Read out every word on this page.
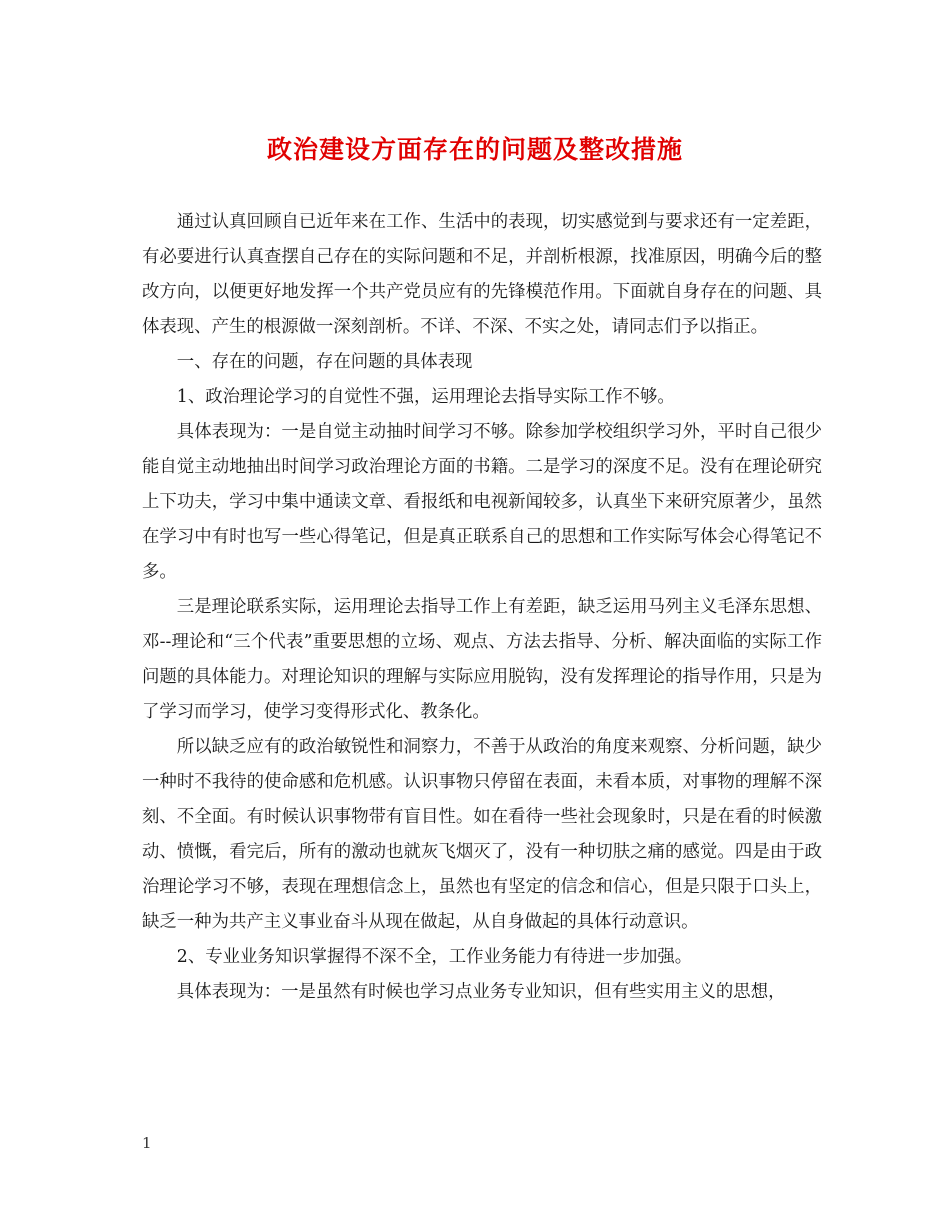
政治建设方面存在的问题及整改措施

通过认真回顾自已近年来在工作、生活中的表现，切实感觉到与要求还有一定差距，有必要进行认真查摆自己存在的实际问题和不足，并剖析根源，找准原因，明确今后的整改方向，以便更好地发挥一个共产党员应有的先锋模范作用。下面就自身存在的问题、具体表现、产生的根源做一深刻剖析。不详、不深、不实之处，请同志们予以指正。

一、存在的问题，存在问题的具体表现

1、政治理论学习的自觉性不强，运用理论去指导实际工作不够。

具体表现为：一是自觉主动抽时间学习不够。除参加学校组织学习外，平时自己很少能自觉主动地抽出时间学习政治理论方面的书籍。二是学习的深度不足。没有在理论研究上下功夫，学习中集中通读文章、看报纸和电视新闻较多，认真坐下来研究原著少，虽然在学习中有时也写一些心得笔记，但是真正联系自己的思想和工作实际写体会心得笔记不多。

三是理论联系实际，运用理论去指导工作上有差距，缺乏运用马列主义毛泽东思想、邓--理论和“三个代表”重要思想的立场、观点、方法去指导、分析、解决面临的实际工作问题的具体能力。对理论知识的理解与实际应用脱钩，没有发挥理论的指导作用，只是为了学习而学习，使学习变得形式化、教条化。

所以缺乏应有的政治敏锐性和洞察力，不善于从政治的角度来观察、分析问题，缺少一种时不我待的使命感和危机感。认识事物只停留在表面，未看本质，对事物的理解不深刻、不全面。有时候认识事物带有盲目性。如在看待一些社会现象时，只是在看的时候激动、愤慨，看完后，所有的激动也就灰飞烟灭了，没有一种切肤之痛的感觉。四是由于政治理论学习不够，表现在理想信念上，虽然也有坚定的信念和信心，但是只限于口头上，缺乏一种为共产主义事业奋斗从现在做起，从自身做起的具体行动意识。

2、专业业务知识掌握得不深不全，工作业务能力有待进一步加强。

具体表现为：一是虽然有时候也学习点业务专业知识，但有些实用主义的思想，

1
